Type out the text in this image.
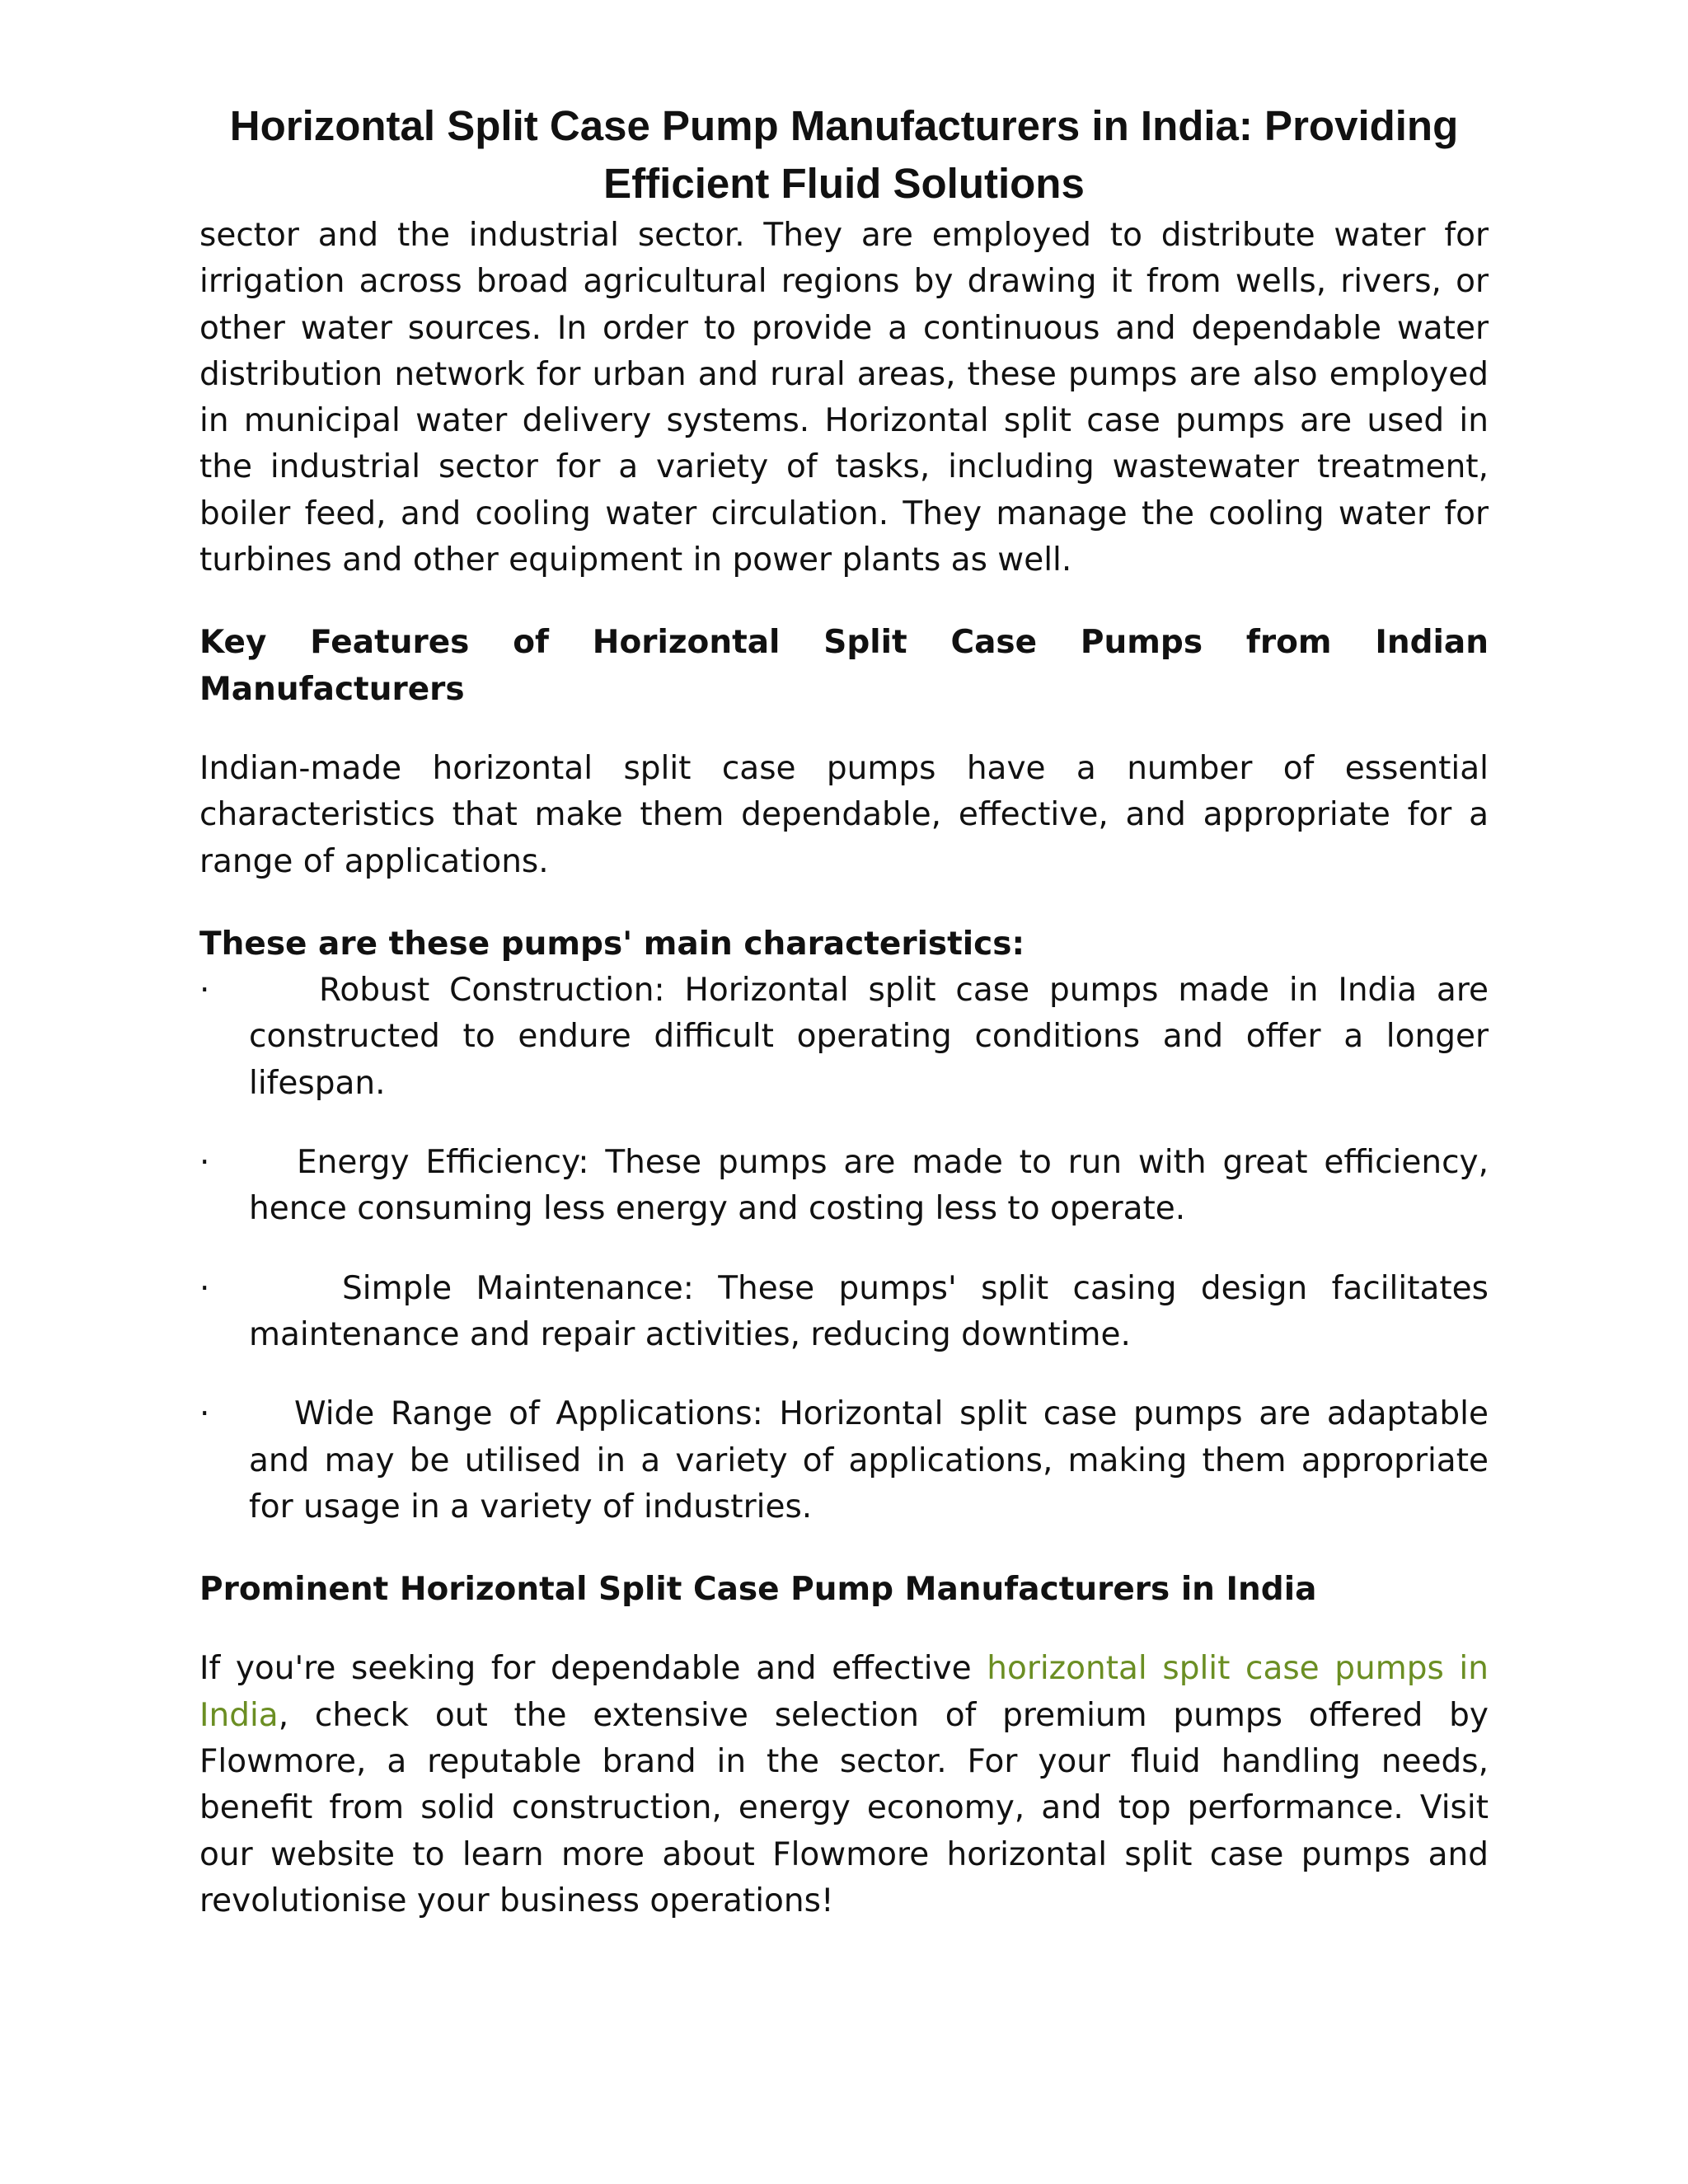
Horizontal Split Case Pump Manufacturers in India: Providing Efficient Fluid Solutions

sector and the industrial sector. They are employed to distribute water for irrigation across broad agricultural regions by drawing it from wells, rivers, or other water sources. In order to provide a continuous and dependable water distribution network for urban and rural areas, these pumps are also employed in municipal water delivery systems. Horizontal split case pumps are used in the industrial sector for a variety of tasks, including wastewater treatment, boiler feed, and cooling water circulation. They manage the cooling water for turbines and other equipment in power plants as well.

Key Features of Horizontal Split Case Pumps from Indian Manufacturers

Indian-made horizontal split case pumps have a number of essential characteristics that make them dependable, effective, and appropriate for a range of applications.

These are these pumps' main characteristics:
·	Robust Construction: Horizontal split case pumps made in India are constructed to endure difficult operating conditions and offer a longer lifespan.
·	Energy Efficiency: These pumps are made to run with great efficiency, hence consuming less energy and costing less to operate.
·	Simple Maintenance: These pumps' split casing design facilitates maintenance and repair activities, reducing downtime.
·	Wide Range of Applications: Horizontal split case pumps are adaptable and may be utilised in a variety of applications, making them appropriate for usage in a variety of industries.
Prominent Horizontal Split Case Pump Manufacturers in India

If you're seeking for dependable and effective horizontal split case pumps in India, check out the extensive selection of premium pumps offered by Flowmore, a reputable brand in the sector. For your fluid handling needs, benefit from solid construction, energy economy, and top performance. Visit our website to learn more about Flowmore horizontal split case pumps and revolutionise your business operations!
